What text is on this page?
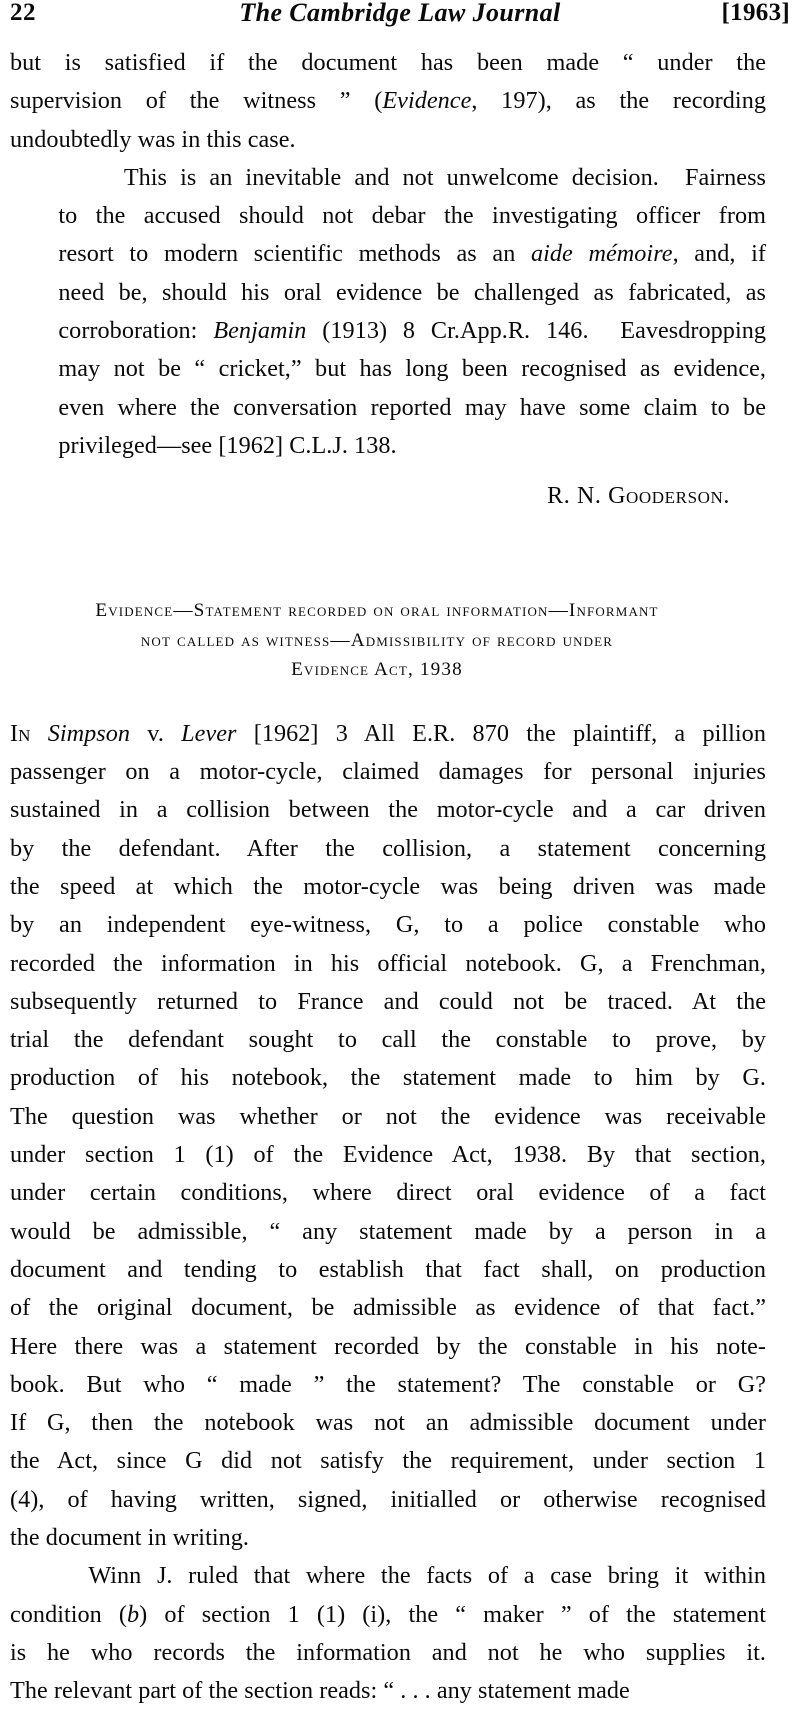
22	The Cambridge Law Journal	[1963]

but is satisfied if the document has been made “ under the
supervision of the witness ” (Evidence, 197), as the recording
undoubtedly was in this case.

This is an inevitable and not unwelcome decision.  Fairness
to the accused should not debar the investigating officer from
resort to modern scientific methods as an aide mémoire, and, if
need be, should his oral evidence be challenged as fabricated, as
corroboration: Benjamin (1913) 8 Cr.App.R. 146.  Eavesdropping
may not be “ cricket,” but has long been recognised as evidence,
even where the conversation reported may have some claim to be
privileged—see [1962] C.L.J. 138.

R. N. Gooderson.
Evidence—Statement recorded on oral information—Informant
not called as witness—Admissibility of record under
Evidence Act, 1938

In Simpson v. Lever [1962] 3 All E.R. 870 the plaintiff, a pillion
passenger on a motor-cycle, claimed damages for personal injuries
sustained in a collision between the motor-cycle and a car driven
by the defendant. After the collision, a statement concerning
the speed at which the motor-cycle was being driven was made
by an independent eye-witness, G, to a police constable who
recorded the information in his official notebook. G, a Frenchman,
subsequently returned to France and could not be traced. At the
trial the defendant sought to call the constable to prove, by
production of his notebook, the statement made to him by G.
The question was whether or not the evidence was receivable
under section 1 (1) of the Evidence Act, 1938. By that section,
under certain conditions, where direct oral evidence of a fact
would be admissible, “ any statement made by a person in a
document and tending to establish that fact shall, on production
of the original document, be admissible as evidence of that fact.”
Here there was a statement recorded by the constable in his note-
book. But who “ made ” the statement? The constable or G?
If G, then the notebook was not an admissible document under
the Act, since G did not satisfy the requirement, under section 1
(4), of having written, signed, initialled or otherwise recognised
the document in writing.

Winn J. ruled that where the facts of a case bring it within
condition (b) of section 1 (1) (i), the “ maker ” of the statement
is he who records the information and not he who supplies it.
The relevant part of the section reads: “ . . . any statement made
